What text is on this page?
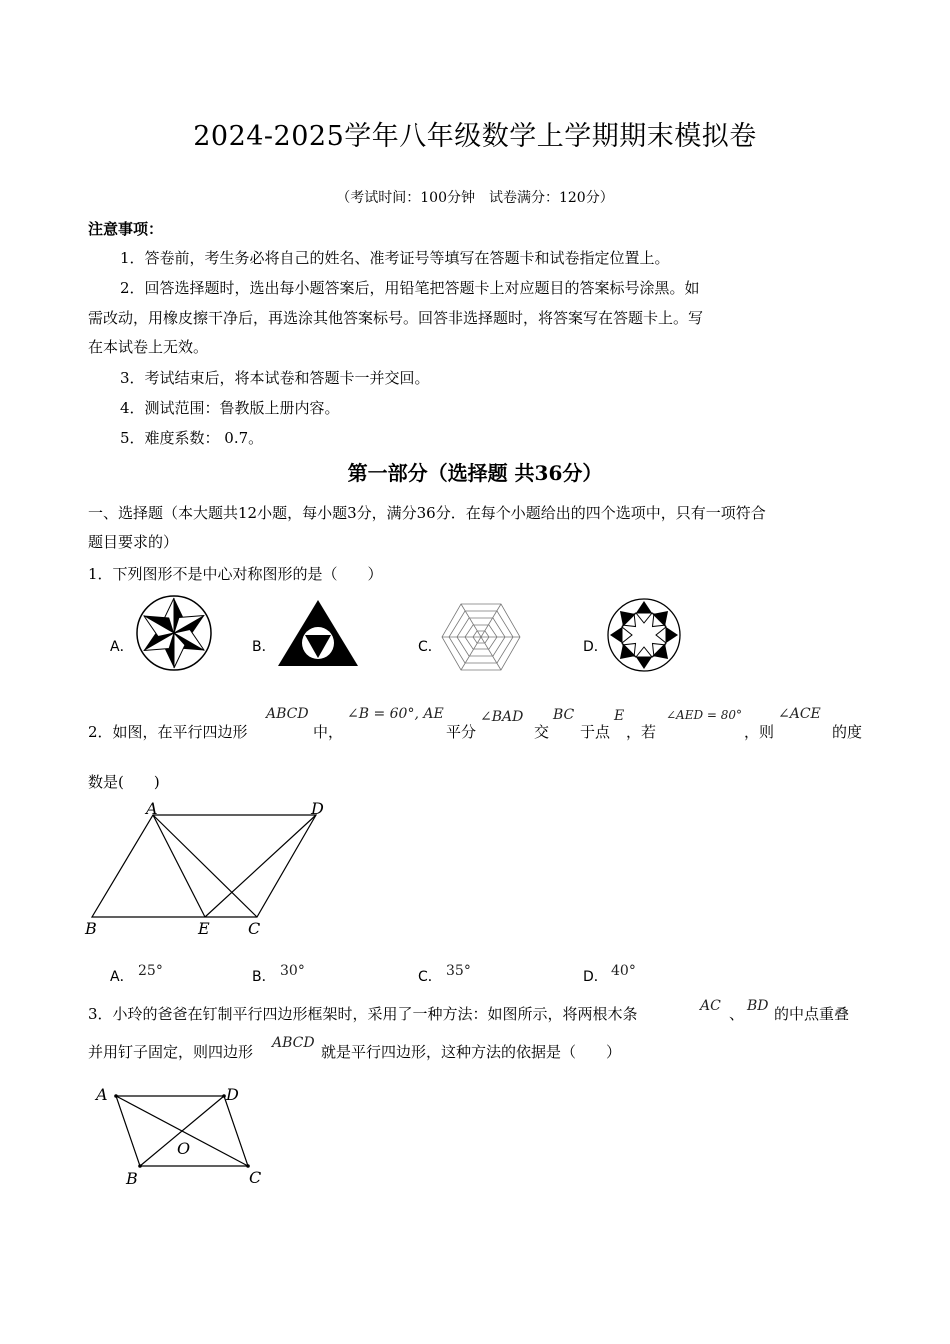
2024-2025学年八年级数学上学期期末模拟卷
（考试时间：100分钟　试卷满分：120分）
注意事项：
1．答卷前，考生务必将自己的姓名、准考证号等填写在答题卡和试卷指定位置上。
2．回答选择题时，选出每小题答案后，用铅笔把答题卡上对应题目的答案标号涂黑。如
需改动，用橡皮擦干净后，再选涂其他答案标号。回答非选择题时，将答案写在答题卡上。写
在本试卷上无效。
3．考试结束后，将本试卷和答题卡一并交回。
4．测试范围：鲁教版上册内容。
5．难度系数： 0.7。
第一部分（选择题 共36分）
一、选择题（本大题共12小题，每小题3分，满分36分．在每个小题给出的四个选项中，只有一项符合
题目要求的）
1．下列图形不是中心对称图形的是（　　）
A．	B．	C．	D．
2．如图，在平行四边形
ABCD
中，
∠B = 60°, AE
平分
∠BAD
交
BC
于点
E
，若
∠AED = 80°
，则
∠ACE
的度
数是(　　)
A	D
B	E C
A． 25°	B． 30°	C． 35°	D． 40°
3．小玲的爸爸在钉制平行四边形框架时，采用了一种方法：如图所示，将两根木条	AC 、 BD 的中点重叠
并用钉子固定，则四边形 ABCD 就是平行四边形，这种方法的依据是（　　）
A	D
O
B	C
